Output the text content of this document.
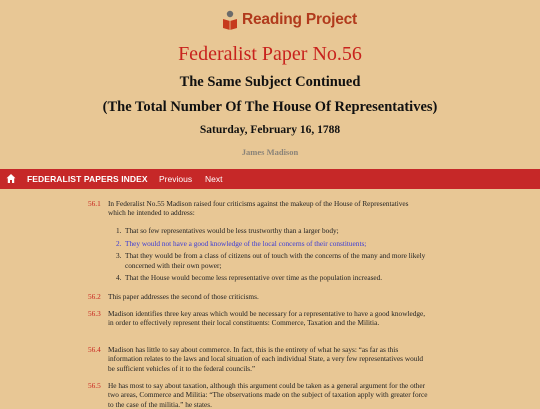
Reading Project
Federalist Paper No.56
The Same Subject Continued
(The Total Number Of The House Of Representatives)
Saturday, February 16, 1788
James Madison
FEDERALIST PAPERS INDEX Previous Next
56.1 In Federalist No.55 Madison raised four criticisms against the makeup of the House of Representatives which he intended to address:
1. That so few representatives would be less trustworthy than a larger body;
2. They would not have a good knowledge of the local concerns of their constituents;
3. That they would be from a class of citizens out of touch with the concerns of the many and more likely concerned with their own power;
4. That the House would become less representative over time as the population increased.
56.2 This paper addresses the second of those criticisms.
56.3 Madison identifies three key areas which would be necessary for a representative to have a good knowledge, in order to effectively represent their local constituents: Commerce, Taxation and the Militia.
56.4 Madison has little to say about commerce. In fact, this is the entirety of what he says: “as far as this information relates to the laws and local situation of each individual State, a very few representatives would be sufficient vehicles of it to the federal councils.”
56.5 He has most to say about taxation, although this argument could be taken as a general argument for the other two areas, Commerce and Militia: “The observations made on the subject of taxation apply with greater force to the case of the militia.” he states.
